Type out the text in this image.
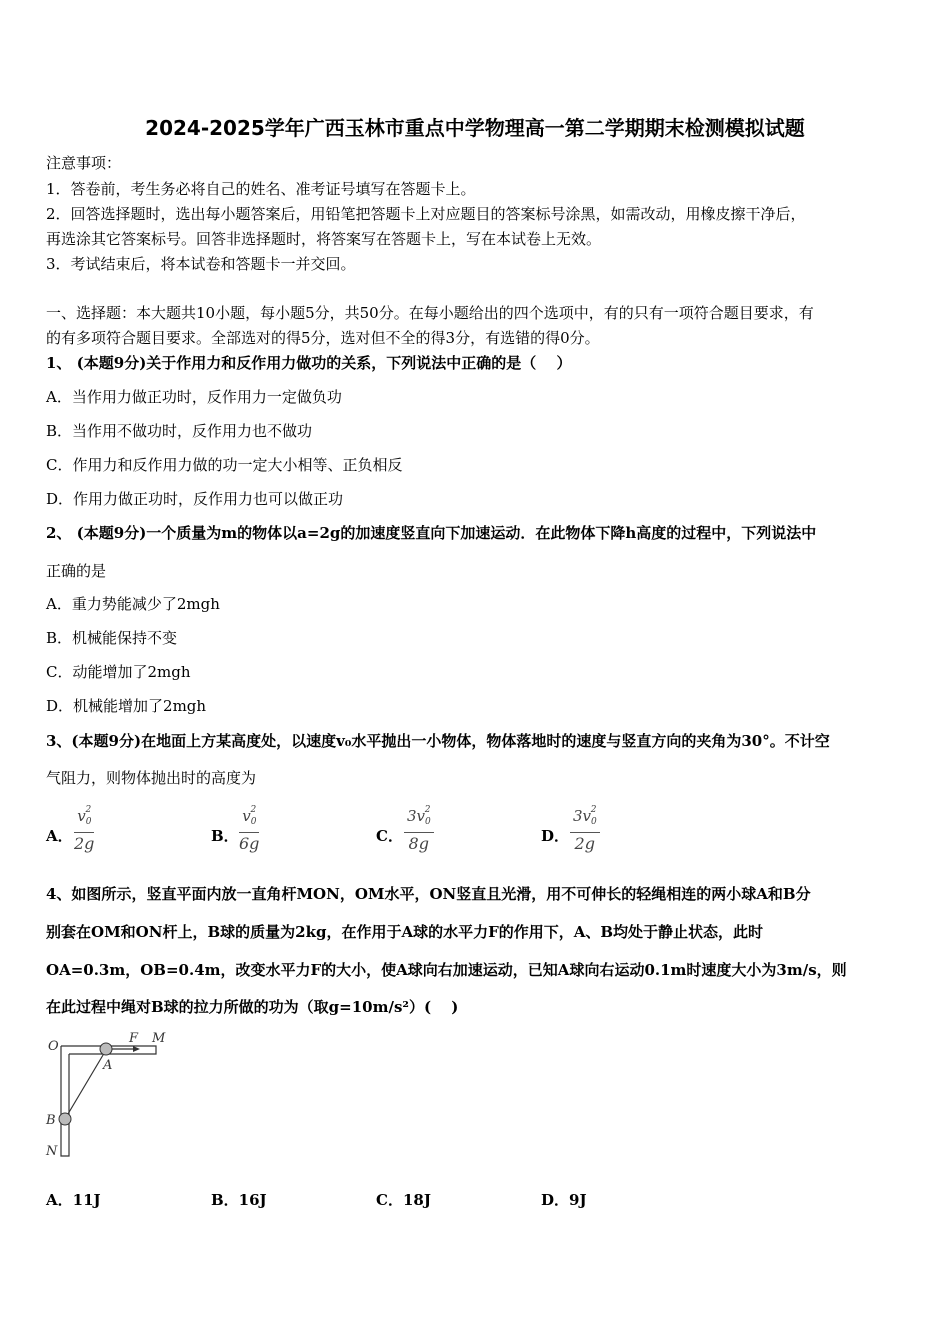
2024-2025学年广西玉林市重点中学物理高一第二学期期末检测模拟试题
注意事项：
1．答卷前，考生务必将自己的姓名、准考证号填写在答题卡上。
2．回答选择题时，选出每小题答案后，用铅笔把答题卡上对应题目的答案标号涂黑，如需改动，用橡皮擦干净后，
再选涂其它答案标号。回答非选择题时，将答案写在答题卡上，写在本试卷上无效。
3．考试结束后，将本试卷和答题卡一并交回。
一、选择题：本大题共10小题，每小题5分，共50分。在每小题给出的四个选项中，有的只有一项符合题目要求，有
的有多项符合题目要求。全部选对的得5分，选对但不全的得3分，有选错的得0分。
1、 (本题9分)关于作用力和反作用力做功的关系，下列说法中正确的是（　 ）
A．当作用力做正功时，反作用力一定做负功
B．当作用不做功时，反作用力也不做功
C．作用力和反作用力做的功一定大小相等、正负相反
D．作用力做正功时，反作用力也可以做正功
2、 (本题9分)一个质量为m的物体以a=2g的加速度竖直向下加速运动．在此物体下降h高度的过程中，下列说法中
正确的是
A．重力势能减少了2mgh
B．机械能保持不变
C．动能增加了2mgh
D．机械能增加了2mgh
3、(本题9分)在地面上方某高度处，以速度v₀水平抛出一小物体，物体落地时的速度与竖直方向的夹角为30°。不计空
气阻力，则物体抛出时的高度为
A．
$v_0^2$
2g	B．
$v_0^2$
6g	C．
$3v_0^2$
8g	D．
$3v_0^2$
2g
4、如图所示，竖直平面内放一直角杆MON，OM水平，ON竖直且光滑，用不可伸长的轻绳相连的两小球A和B分
别套在OM和ON杆上，B球的质量为2kg，在作用于A球的水平力F的作用下，A、B均处于静止状态，此时
OA=0.3m，OB=0.4m，改变水平力F的大小，使A球向右加速运动，已知A球向右运动0.1m时速度大小为3m/s，则
在此过程中绳对B球的拉力所做的功为（取g=10m/s²）(　 )
O
F M
A
B
N
A．11J	B．16J	C．18J	D．9J
